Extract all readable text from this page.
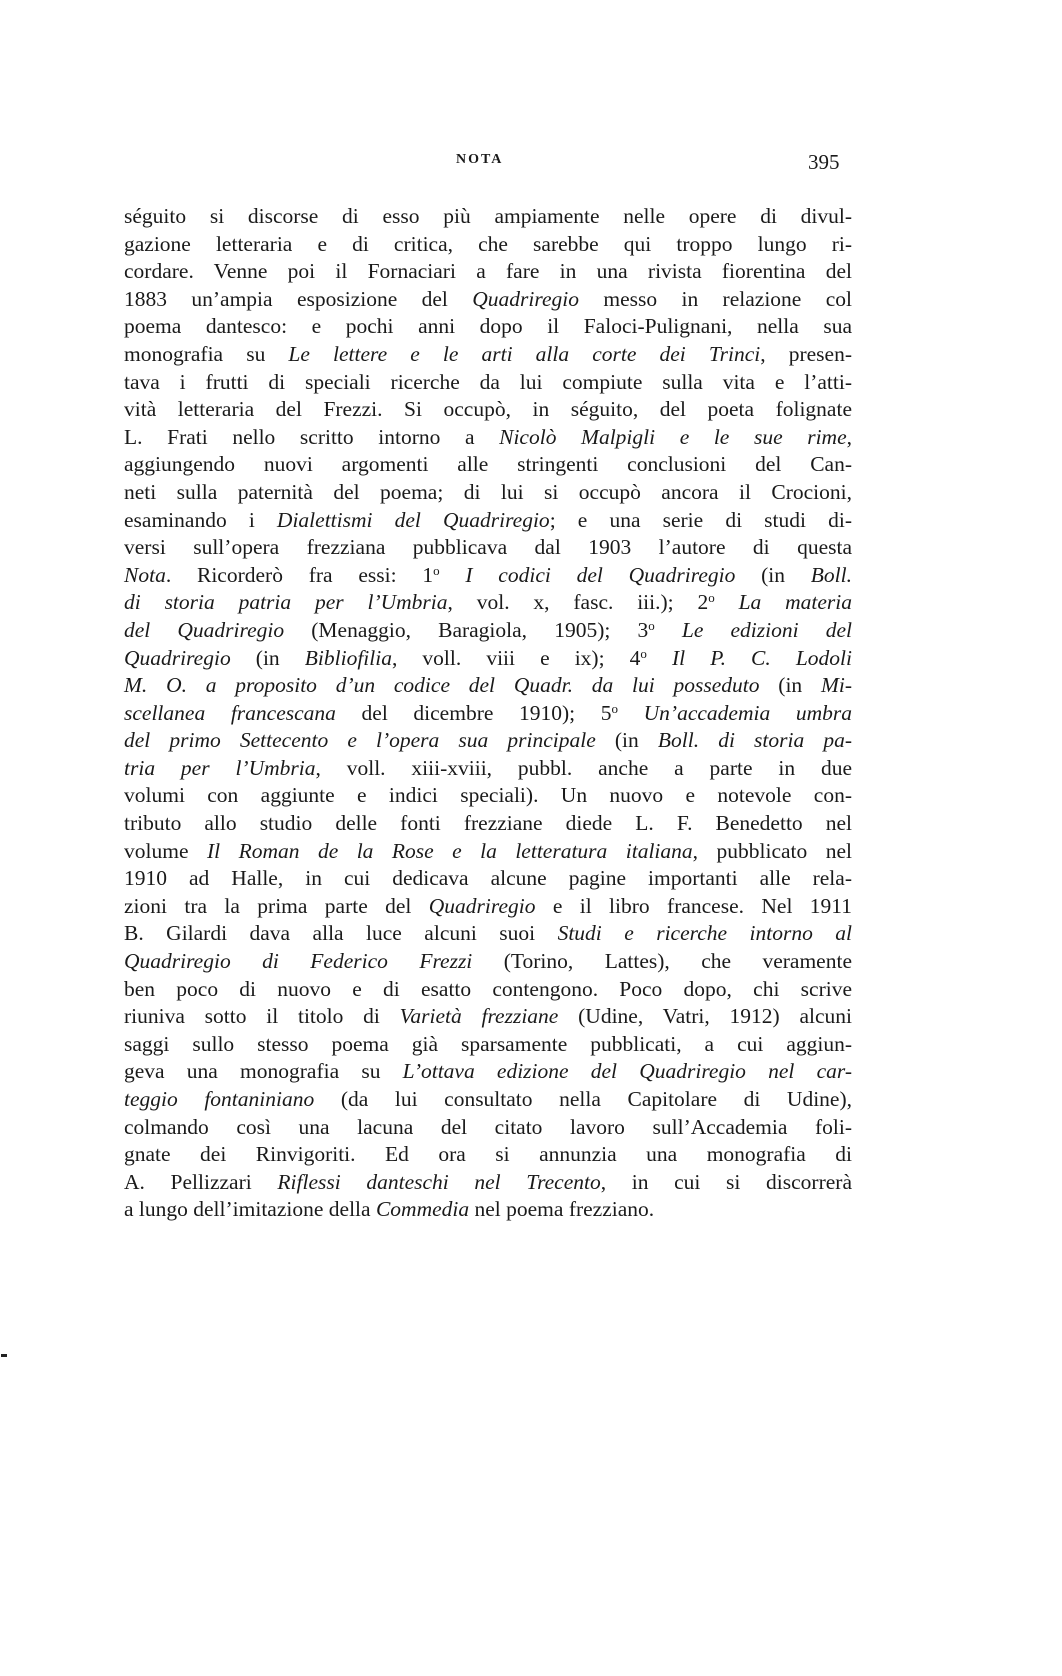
NOTA	395
séguito si discorse di esso più ampiamente nelle opere di divul-
gazione letteraria e di critica, che sarebbe qui troppo lungo ri-
cordare. Venne poi il Fornaciari a fare in una rivista fiorentina del
1883 un’ampia esposizione del Quadriregio messo in relazione col
poema dantesco: e pochi anni dopo il Faloci-Pulignani, nella sua
monografia su Le lettere e le arti alla corte dei Trinci, presen-
tava i frutti di speciali ricerche da lui compiute sulla vita e l’atti-
vità letteraria del Frezzi. Si occupò, in séguito, del poeta folignate
L. Frati nello scritto intorno a Nicolò Malpigli e le sue rime,
aggiungendo nuovi argomenti alle stringenti conclusioni del Can-
neti sulla paternità del poema; di lui si occupò ancora il Crocioni,
esaminando i Dialettismi del Quadriregio; e una serie di studi di-
versi sull’opera frezziana pubblicava dal 1903 l’autore di questa
Nota. Ricorderò fra essi: 1$^o$ I codici del Quadriregio (in Boll.
di storia patria per l’Umbria, vol. x, fasc. iii.); 2$^o$ La materia
del Quadriregio (Menaggio, Baragiola, 1905); 3$^o$ Le edizioni del
Quadriregio (in Bibliofilia, voll. viii e ix); 4$^o$ Il P. C. Lodoli
M. O. a proposito d’un codice del Quadr. da lui posseduto (in Mi-
scellanea francescana del dicembre 1910); 5$^o$ Un’accademia umbra
del primo Settecento e l’opera sua principale (in Boll. di storia pa-
tria per l’Umbria, voll. xiii-xviii, pubbl. anche a parte in due
volumi con aggiunte e indici speciali). Un nuovo e notevole con-
tributo allo studio delle fonti frezziane diede L. F. Benedetto nel
volume Il Roman de la Rose e la letteratura italiana, pubblicato nel
1910 ad Halle, in cui dedicava alcune pagine importanti alle rela-
zioni tra la prima parte del Quadriregio e il libro francese. Nel 1911
B. Gilardi dava alla luce alcuni suoi Studi e ricerche intorno al
Quadriregio di Federico Frezzi (Torino, Lattes), che veramente
ben poco di nuovo e di esatto contengono. Poco dopo, chi scrive
riuniva sotto il titolo di Varietà frezziane (Udine, Vatri, 1912) alcuni
saggi sullo stesso poema già sparsamente pubblicati, a cui aggiun-
geva una monografia su L’ottava edizione del Quadriregio nel car-
teggio fontaniniano (da lui consultato nella Capitolare di Udine),
colmando così una lacuna del citato lavoro sull’Accademia foli-
gnate dei Rinvigoriti. Ed ora si annunzia una monografia di
A. Pellizzari Riflessi danteschi nel Trecento, in cui si discorrerà
a lungo dell’imitazione della Commedia nel poema frezziano.
